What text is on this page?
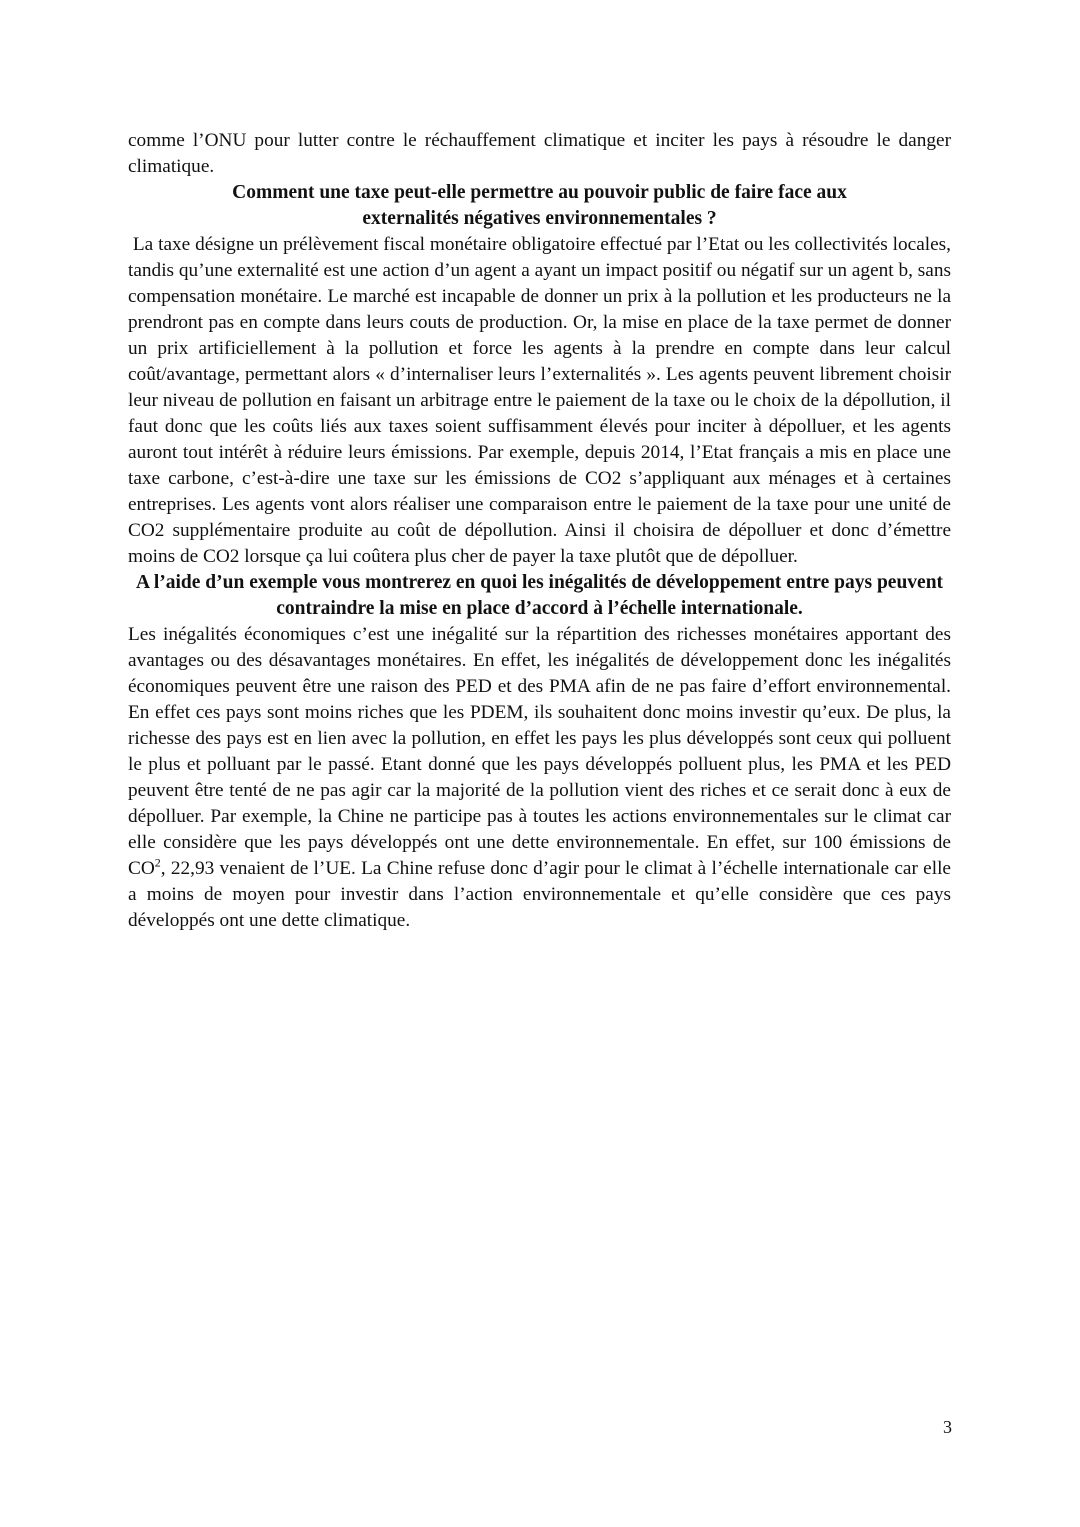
comme l’ONU pour lutter contre le réchauffement climatique et inciter les pays à résoudre le danger climatique.

Comment une taxe peut-elle permettre au pouvoir public de faire face aux externalités négatives environnementales ?

La taxe désigne un prélèvement fiscal monétaire obligatoire effectué par l’Etat ou les collectivités locales, tandis qu’une externalité est une action d’un agent a ayant un impact positif ou négatif sur un agent b, sans compensation monétaire. Le marché est incapable de donner un prix à la pollution et les producteurs ne la prendront pas en compte dans leurs couts de production. Or, la mise en place de la taxe permet de donner un prix artificiellement à la pollution et force les agents à la prendre en compte dans leur calcul coût/avantage, permettant alors « d’internaliser leurs l’externalités ». Les agents peuvent librement choisir leur niveau de pollution en faisant un arbitrage entre le paiement de la taxe ou le choix de la dépollution, il faut donc que les coûts liés aux taxes soient suffisamment élevés pour inciter à dépolluer, et les agents auront tout intérêt à réduire leurs émissions. Par exemple, depuis 2014, l’Etat français a mis en place une taxe carbone, c’est-à-dire une taxe sur les émissions de CO2 s’appliquant aux ménages et à certaines entreprises. Les agents vont alors réaliser une comparaison entre le paiement de la taxe pour une unité de CO2 supplémentaire produite au coût de dépollution. Ainsi il choisira de dépolluer et donc d’émettre moins de CO2 lorsque ça lui coûtera plus cher de payer la taxe plutôt que de dépolluer.

A l’aide d’un exemple vous montrerez en quoi les inégalités de développement entre pays peuvent contraindre la mise en place d’accord à l’échelle internationale.

Les inégalités économiques c’est une inégalité sur la répartition des richesses monétaires apportant des avantages ou des désavantages monétaires. En effet, les inégalités de développement donc les inégalités économiques peuvent être une raison des PED et des PMA afin de ne pas faire d’effort environnemental. En effet ces pays sont moins riches que les PDEM, ils souhaitent donc moins investir qu’eux. De plus, la richesse des pays est en lien avec la pollution, en effet les pays les plus développés sont ceux qui polluent le plus et polluant par le passé. Etant donné que les pays développés polluent plus, les PMA et les PED peuvent être tenté de ne pas agir car la majorité de la pollution vient des riches et ce serait donc à eux de dépolluer. Par exemple, la Chine ne participe pas à toutes les actions environnementales sur le climat car elle considère que les pays développés ont une dette environnementale. En effet, sur 100 émissions de $CO^2$, 22,93 venaient de l’UE. La Chine refuse donc d’agir pour le climat à l’échelle internationale car elle a moins de moyen pour investir dans l’action environnementale et qu’elle considère que ces pays développés ont une dette climatique.

3
